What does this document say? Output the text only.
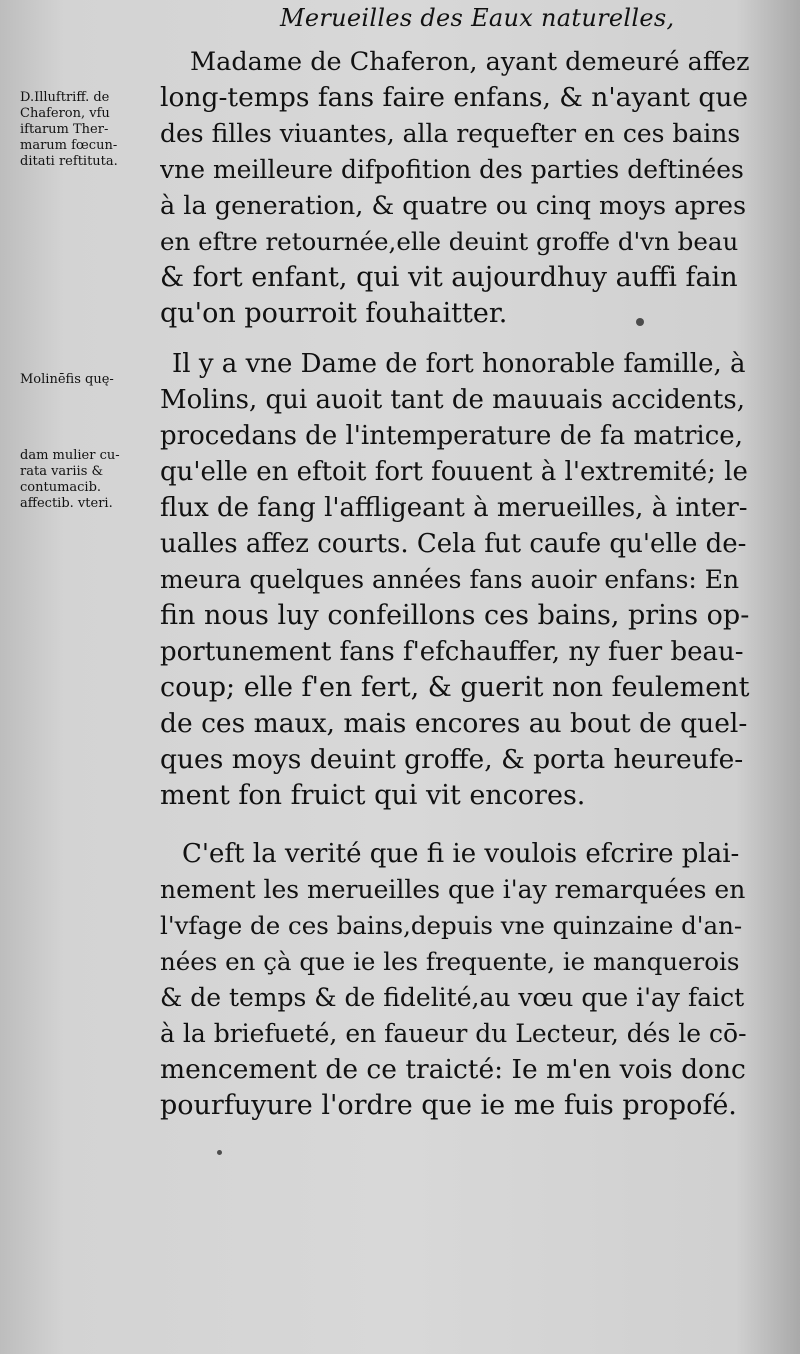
Merueilles des Eaux naturelles,
D.Illuftriff. de
Chaferon, vfu
iftarum Ther-
marum fœcun-
ditati reftituta.
Molinēfis quę-
dam mulier cu-
rata variis &
contumacib.
affectib. vteri.
Madame de Chaferon, ayant demeuré affez
long-temps fans faire enfans, & n'ayant que
des filles viuantes, alla requefter en ces bains
vne meilleure difpofition des parties deftinées
à la generation, & quatre ou cinq moys apres
en eftre retournée,elle deuint groffe d'vn beau
& fort enfant, qui vit aujourdhuy auffi fain
qu'on pourroit fouhaitter.
Il y a vne Dame de fort honorable famille, à
Molins, qui auoit tant de mauuais accidents,
procedans de l'intemperature de fa matrice,
qu'elle en eftoit fort fouuent à l'extremité; le
flux de fang l'affligeant à merueilles, à inter-
ualles affez courts. Cela fut caufe qu'elle de-
meura quelques années fans auoir enfans: En
fin nous luy confeillons ces bains, prins op-
portunement fans f'efchauffer, ny fuer beau-
coup; elle f'en fert, & guerit non feulement
de ces maux, mais encores au bout de quel-
ques moys deuint groffe, & porta heureufe-
ment fon fruict qui vit encores.
C'eft la verité que fi ie voulois efcrire plai-
nement les merueilles que i'ay remarquées en
l'vfage de ces bains,depuis vne quinzaine d'an-
nées en çà que ie les frequente, ie manquerois
& de temps & de fidelité,au vœu que i'ay faict
à la briefueté, en faueur du Lecteur, dés le cō-
mencement de ce traicté: Ie m'en vois donc
pourfuyure l'ordre que ie me fuis propofé.
